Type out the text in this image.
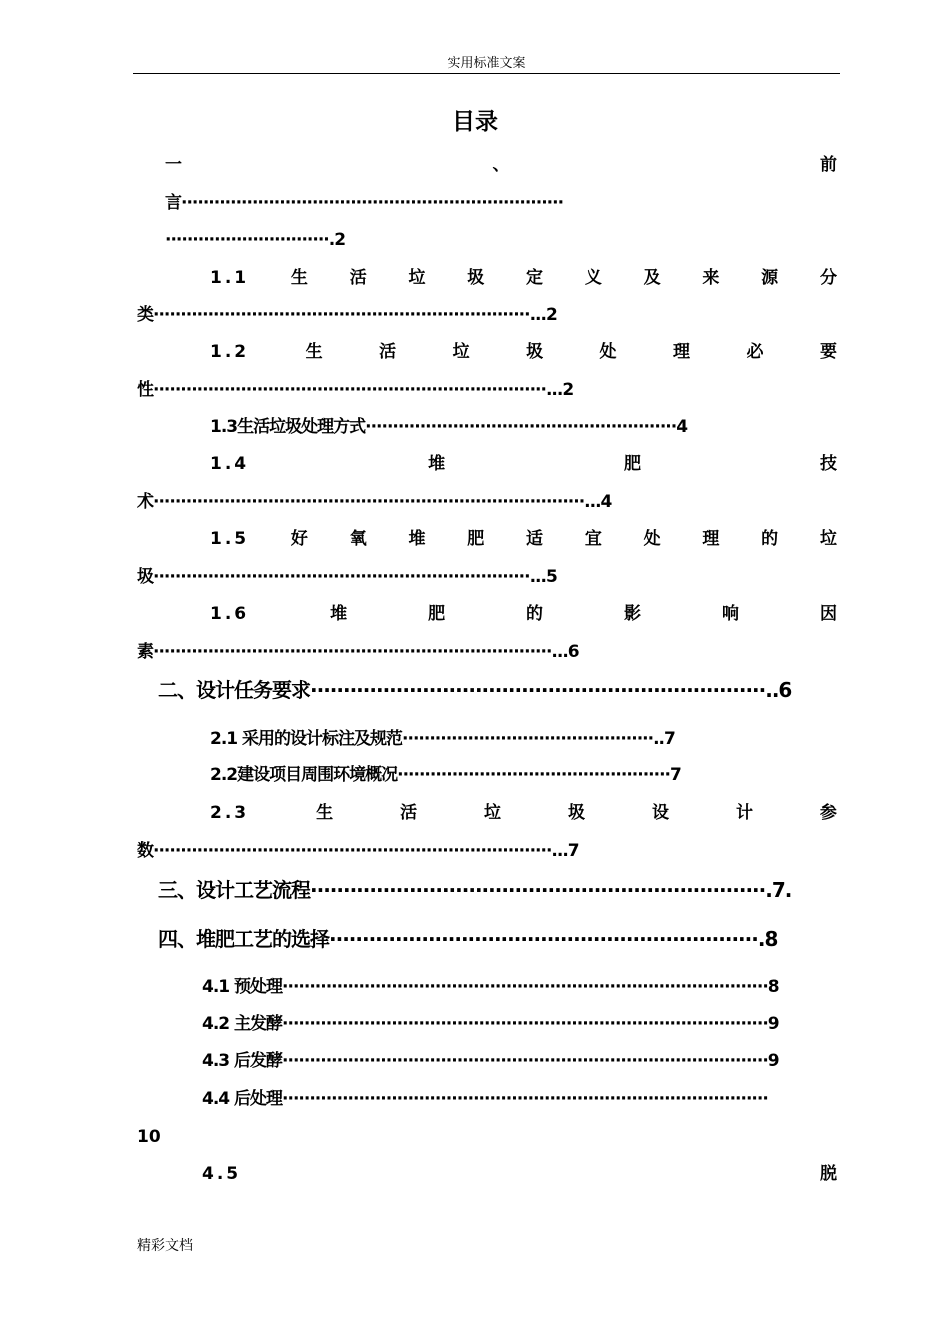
实用标准文案
目录
一	、	前
言······································································
······························.2
1.1 生 活 垃 圾 定 义 及 来 源 分
类·····································································...2
1.2	生	活	垃	圾	处	理	必	要
性········································································...2
1.3生活垃圾处理方式·························································4
1.4	堆	肥	技
术···············································································...4
1.5 好 氧 堆 肥 适 宜 处 理 的 垃
圾·····································································...5
1.6	堆	肥	的	影	响	因
素·········································································...6
二、设计任务要求·····································································..6
2.1 采用的设计标注及规范··············································..7
2.2建设项目周围环境概况··················································7
2.3	生	活	垃	圾	设	计	参
数·········································································...7
三、设计工艺流程·····································································.7.
四、堆肥工艺的选择·································································.8
4.1 预处理·························································································8
4.2 主发酵·························································································9
4.3 后发酵·························································································9
4.4 后处理·························································································
10
4.5	脱
精彩文档
